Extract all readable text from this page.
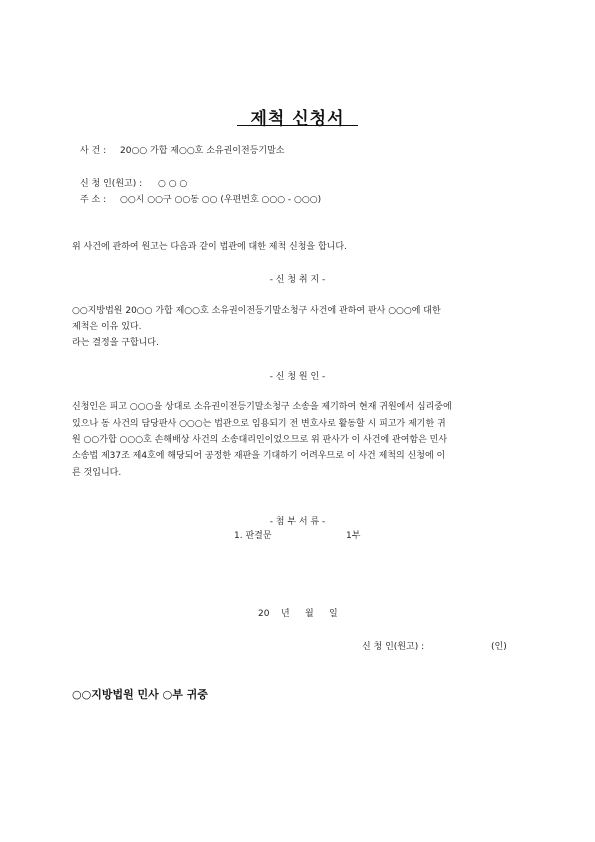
제척 신청서
사 건 : 20○○ 가합 제○○호 소유권이전등기말소
신 청 인(원고) : ○ ○ ○
주 소 : ○○시 ○○구 ○○동 ○○ (우편번호 ○○○ - ○○○)
위 사건에 관하여 원고는 다음과 같이 법관에 대한 제척 신청을 합니다.
- 신 청 취 지 -
○○지방법원 20○○ 가합 제○○호 소유권이전등기말소청구 사건에 관하여 판사 ○○○에 대한
제척은 이유 있다.
라는 결정을 구합니다.
- 신 청 원 인 -
신청인은 피고 ○○○을 상대로 소유권이전등기말소청구 소송을 제기하여 현재 귀원에서 심리중에
있으나 동 사건의 담당판사 ○○○는 법관으로 임용되기 전 변호사로 활동할 시 피고가 제기한 귀
원 ○○가합 ○○○호 손해배상 사건의 소송대리인이었으므로 위 판사가 이 사건에 관여함은 민사
소송법 제37조 제4호에 해당되어 공정한 재판을 기대하기 어려우므로 이 사건 제척의 신청에 이
른 것입니다.
- 첨 부 서 류 -
1. 판결문	1부
20 년 월 일
신 청 인(원고) :	(인)
○○지방법원 민사 ○부 귀중
